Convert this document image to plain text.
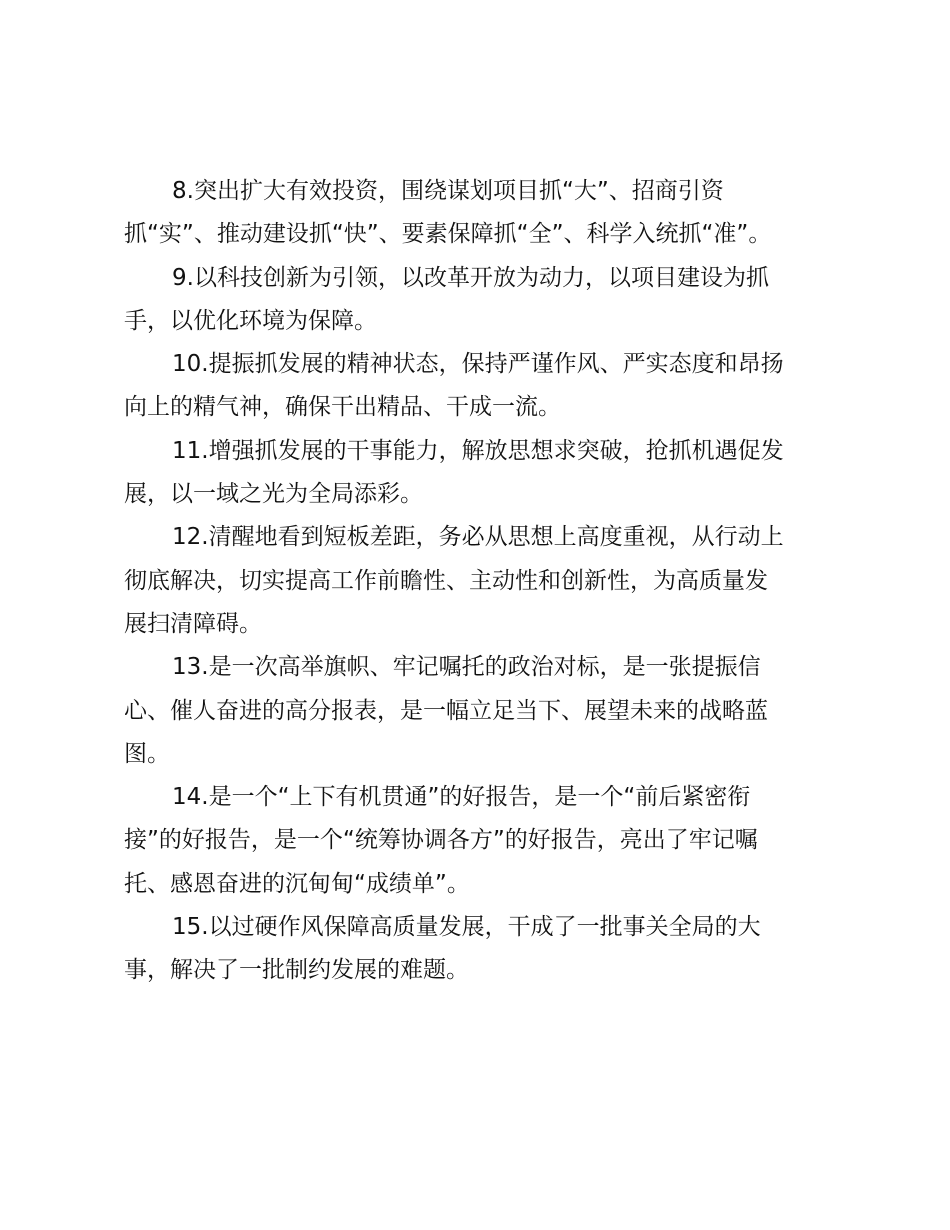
8.突出扩大有效投资，围绕谋划项目抓“大”、招商引资
抓“实”、推动建设抓“快”、要素保障抓“全”、科学入统抓“准”。
9.以科技创新为引领，以改革开放为动力，以项目建设为抓
手，以优化环境为保障。
10.提振抓发展的精神状态，保持严谨作风、严实态度和昂扬
向上的精气神，确保干出精品、干成一流。
11.增强抓发展的干事能力，解放思想求突破，抢抓机遇促发
展，以一域之光为全局添彩。
12.清醒地看到短板差距，务必从思想上高度重视，从行动上
彻底解决，切实提高工作前瞻性、主动性和创新性，为高质量发
展扫清障碍。
13.是一次高举旗帜、牢记嘱托的政治对标，是一张提振信
心、催人奋进的高分报表，是一幅立足当下、展望未来的战略蓝
图。
14.是一个“上下有机贯通”的好报告，是一个“前后紧密衔
接”的好报告，是一个“统筹协调各方”的好报告，亮出了牢记嘱
托、感恩奋进的沉甸甸“成绩单”。
15.以过硬作风保障高质量发展，干成了一批事关全局的大
事，解决了一批制约发展的难题。
